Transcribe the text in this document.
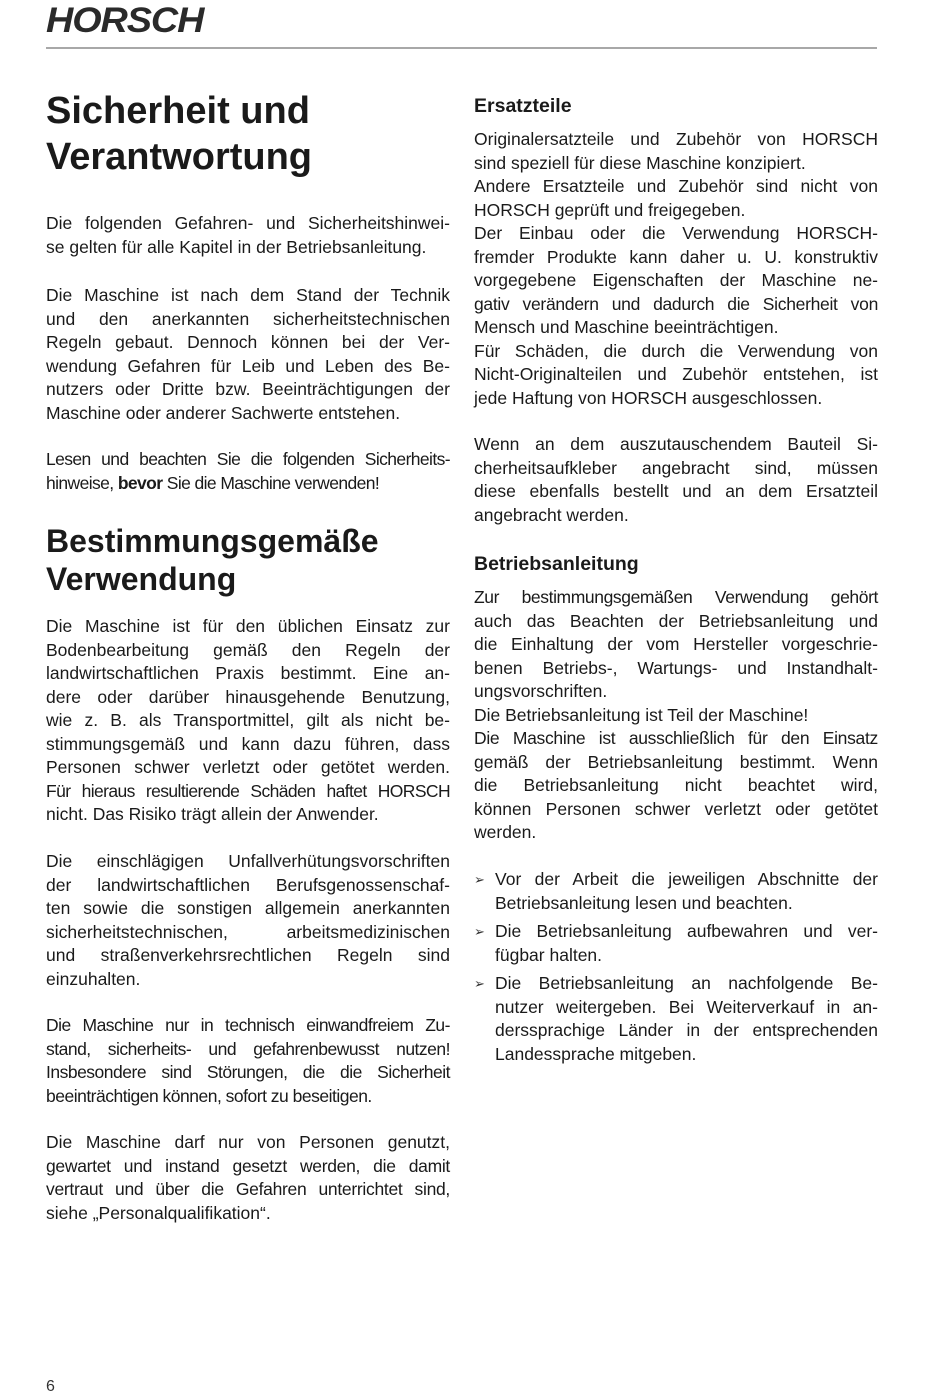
HORSCH
Sicherheit und
Verantwortung
Die folgenden Gefahren- und Sicherheitshinwei-
se gelten für alle Kapitel in der Betriebsanleitung.
Die Maschine ist nach dem Stand der Technik
und den anerkannten sicherheitstechnischen
Regeln gebaut. Dennoch können bei der Ver-
wendung Gefahren für Leib und Leben des Be-
nutzers oder Dritte bzw. Beeinträchtigungen der
Maschine oder anderer Sachwerte entstehen.
Lesen und beachten Sie die folgenden Sicherheits-
hinweise, bevor Sie die Maschine verwenden!
Bestimmungsgemäße
Verwendung
Die Maschine ist für den üblichen Einsatz zur
Bodenbearbeitung gemäß den Regeln der
landwirtschaftlichen Praxis bestimmt. Eine an-
dere oder darüber hinausgehende Benutzung,
wie z. B. als Transportmittel, gilt als nicht be-
stimmungsgemäß und kann dazu führen, dass
Personen schwer verletzt oder getötet werden.
Für hieraus resultierende Schäden haftet HORSCH
nicht. Das Risiko trägt allein der Anwender.
Die einschlägigen Unfallverhütungsvorschriften
der landwirtschaftlichen Berufsgenossenschaf-
ten sowie die sonstigen allgemein anerkannten
sicherheitstechnischen, arbeitsmedizinischen
und straßenverkehrsrechtlichen Regeln sind
einzuhalten.
Die Maschine nur in technisch einwandfreiem Zu-
stand, sicherheits- und gefahrenbewusst nutzen!
Insbesondere sind Störungen, die die Sicherheit
beeinträchtigen können, sofort zu beseitigen.
Die Maschine darf nur von Personen genutzt,
gewartet und instand gesetzt werden, die damit
vertraut und über die Gefahren unterrichtet sind,
siehe „Personalqualifikation“.
Ersatzteile
Originalersatzteile und Zubehör von HORSCH
sind speziell für diese Maschine konzipiert.
Andere Ersatzteile und Zubehör sind nicht von
HORSCH geprüft und freigegeben.
Der Einbau oder die Verwendung HORSCH-
fremder Produkte kann daher u. U. konstruktiv
vorgegebene Eigenschaften der Maschine ne-
gativ verändern und dadurch die Sicherheit von
Mensch und Maschine beeinträchtigen.
Für Schäden, die durch die Verwendung von
Nicht-Originalteilen und Zubehör entstehen, ist
jede Haftung von HORSCH ausgeschlossen.
Wenn an dem auszutauschendem Bauteil Si-
cherheitsaufkleber angebracht sind, müssen
diese ebenfalls bestellt und an dem Ersatzteil
angebracht werden.
Betriebsanleitung
Zur bestimmungsgemäßen Verwendung gehört
auch das Beachten der Betriebsanleitung und
die Einhaltung der vom Hersteller vorgeschrie-
benen Betriebs-, Wartungs- und Instandhalt-
ungsvorschriften.
Die Betriebsanleitung ist Teil der Maschine!
Die Maschine ist ausschließlich für den Einsatz
gemäß der Betriebsanleitung bestimmt. Wenn
die Betriebsanleitung nicht beachtet wird,
können Personen schwer verletzt oder getötet
werden.
➢ Vor der Arbeit die jeweiligen Abschnitte der
Betriebsanleitung lesen und beachten.
➢ Die Betriebsanleitung aufbewahren und ver-
fügbar halten.
➢ Die Betriebsanleitung an nachfolgende Be-
nutzer weitergeben. Bei Weiterverkauf in an-
derssprachige Länder in der entsprechenden
Landessprache mitgeben.
6
